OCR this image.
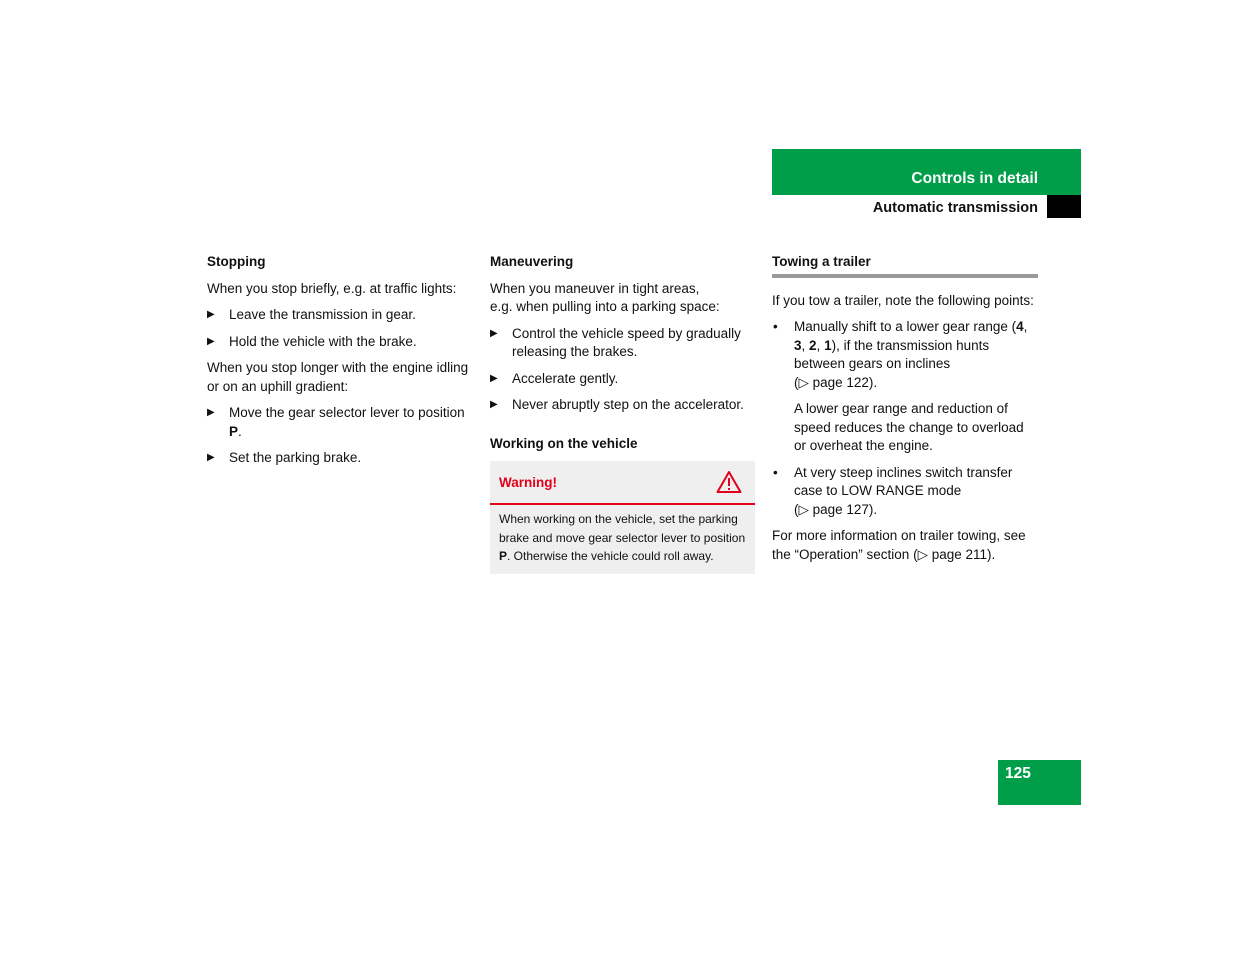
Controls in detail
Automatic transmission
Stopping

When you stop briefly, e.g. at traffic lights:

▶ Leave the transmission in gear.
▶ Hold the vehicle with the brake.

When you stop longer with the engine idling or on an uphill gradient:

▶ Move the gear selector lever to position P.
▶ Set the parking brake.
Maneuvering

When you maneuver in tight areas,
e.g. when pulling into a parking space:

▶ Control the vehicle speed by gradually releasing the brakes.
▶ Accelerate gently.
▶ Never abruptly step on the accelerator.
Working on the vehicle
Warning!
When working on the vehicle, set the parking brake and move gear selector lever to position P. Otherwise the vehicle could roll away.
Towing a trailer

If you tow a trailer, note the following points:

• Manually shift to a lower gear range (4, 3, 2, 1), if the transmission hunts between gears on inclines
(▷ page 122).

A lower gear range and reduction of speed reduces the change to overload or overheat the engine.

• At very steep inclines switch transfer case to LOW RANGE mode
(▷ page 127).

For more information on trailer towing, see the “Operation” section (▷ page 211).

125
